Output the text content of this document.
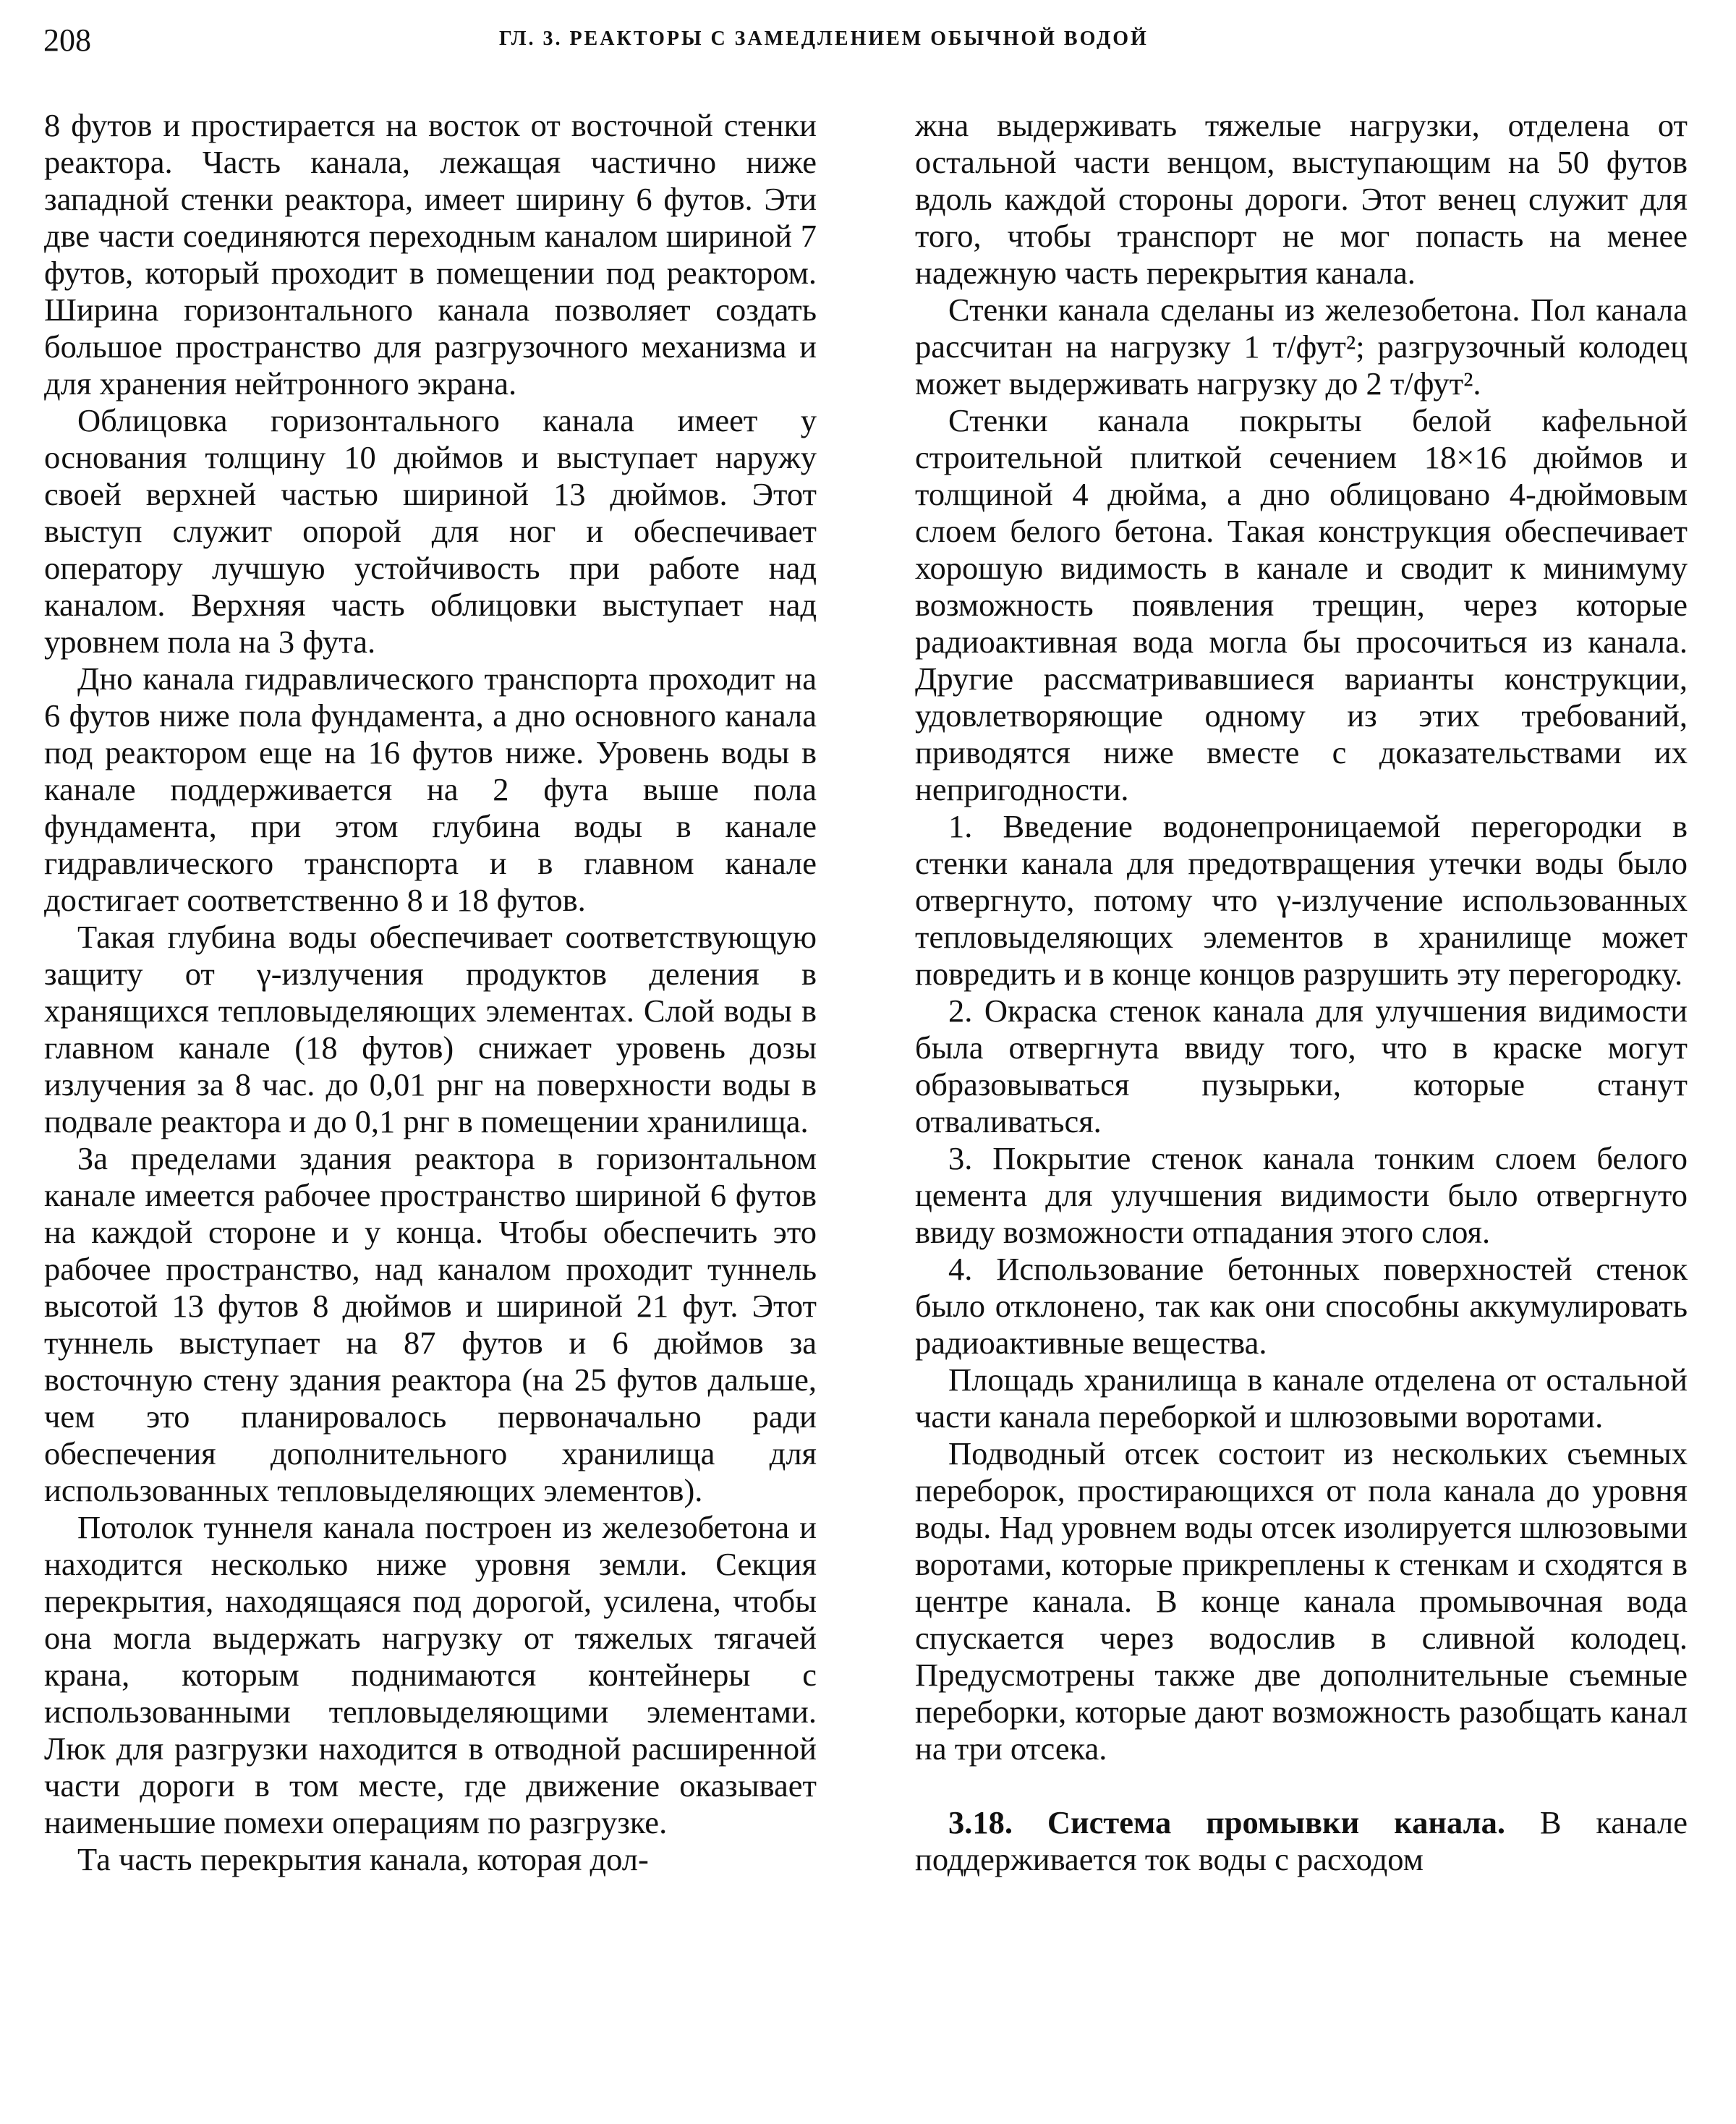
208	ГЛ. 3. РЕАКТОРЫ С ЗАМЕДЛЕНИЕМ ОБЫЧНОЙ ВОДОЙ

8 футов и простирается на восток от восточной стенки реактора. Часть канала, лежащая частично ниже западной стенки реактора, имеет ширину 6 футов. Эти две части соединяются переходным каналом шириной 7 футов, который проходит в помещении под реактором. Ширина горизонтального канала позволяет создать большое пространство для разгрузочного механизма и для хранения нейтронного экрана.

Облицовка горизонтального канала имеет у основания толщину 10 дюймов и выступает наружу своей верхней частью шириной 13 дюймов. Этот выступ служит опорой для ног и обеспечивает оператору лучшую устойчивость при работе над каналом. Верхняя часть облицовки выступает над уровнем пола на 3 фута.

Дно канала гидравлического транспорта проходит на 6 футов ниже пола фундамента, а дно основного канала под реактором еще на 16 футов ниже. Уровень воды в канале поддерживается на 2 фута выше пола фундамента, при этом глубина воды в канале гидравлического транспорта и в главном канале достигает соответственно 8 и 18 футов.

Такая глубина воды обеспечивает соответствующую защиту от γ-излучения продуктов деления в хранящихся тепловыделяющих элементах. Слой воды в главном канале (18 футов) снижает уровень дозы излучения за 8 час. до 0,01 рнг на поверхности воды в подвале реактора и до 0,1 рнг в помещении хранилища.

За пределами здания реактора в горизонтальном канале имеется рабочее пространство шириной 6 футов на каждой стороне и у конца. Чтобы обеспечить это рабочее пространство, над каналом проходит туннель высотой 13 футов 8 дюймов и шириной 21 фут. Этот туннель выступает на 87 футов и 6 дюймов за восточную стену здания реактора (на 25 футов дальше, чем это планировалось первоначально ради обеспечения дополнительного хранилища для использованных тепловыделяющих элементов).

Потолок туннеля канала построен из железобетона и находится несколько ниже уровня земли. Секция перекрытия, находящаяся под дорогой, усилена, чтобы она могла выдержать нагрузку от тяжелых тягачей крана, которым поднимаются контейнеры с использованными тепловыделяющими элементами. Люк для разгрузки находится в отводной расширенной части дороги в том месте, где движение оказывает наименьшие помехи операциям по разгрузке.

Та часть перекрытия канала, которая дол-

жна выдерживать тяжелые нагрузки, отделена от остальной части венцом, выступающим на 50 футов вдоль каждой стороны дороги. Этот венец служит для того, чтобы транспорт не мог попасть на менее надежную часть перекрытия канала.

Стенки канала сделаны из железобетона. Пол канала рассчитан на нагрузку 1 т/фут²; разгрузочный колодец может выдерживать нагрузку до 2 т/фут².

Стенки канала покрыты белой кафельной строительной плиткой сечением 18×16 дюймов и толщиной 4 дюйма, а дно облицовано 4-дюймовым слоем белого бетона. Такая конструкция обеспечивает хорошую видимость в канале и сводит к минимуму возможность появления трещин, через которые радиоактивная вода могла бы просочиться из канала. Другие рассматривавшиеся варианты конструкции, удовлетворяющие одному из этих требований, приводятся ниже вместе с доказательствами их непригодности.

1. Введение водонепроницаемой перегородки в стенки канала для предотвращения утечки воды было отвергнуто, потому что γ-излучение использованных тепловыделяющих элементов в хранилище может повредить и в конце концов разрушить эту перегородку.

2. Окраска стенок канала для улучшения видимости была отвергнута ввиду того, что в краске могут образовываться пузырьки, которые станут отваливаться.

3. Покрытие стенок канала тонким слоем белого цемента для улучшения видимости было отвергнуто ввиду возможности отпадания этого слоя.

4. Использование бетонных поверхностей стенок было отклонено, так как они способны аккумулировать радиоактивные вещества.

Площадь хранилища в канале отделена от остальной части канала переборкой и шлюзовыми воротами.

Подводный отсек состоит из нескольких съемных переборок, простирающихся от пола канала до уровня воды. Над уровнем воды отсек изолируется шлюзовыми воротами, которые прикреплены к стенкам и сходятся в центре канала. В конце канала промывочная вода спускается через водослив в сливной колодец. Предусмотрены также две дополнительные съемные переборки, которые дают возможность разобщать канал на три отсека.

3.18. Система промывки канала. В канале поддерживается ток воды с расходом
